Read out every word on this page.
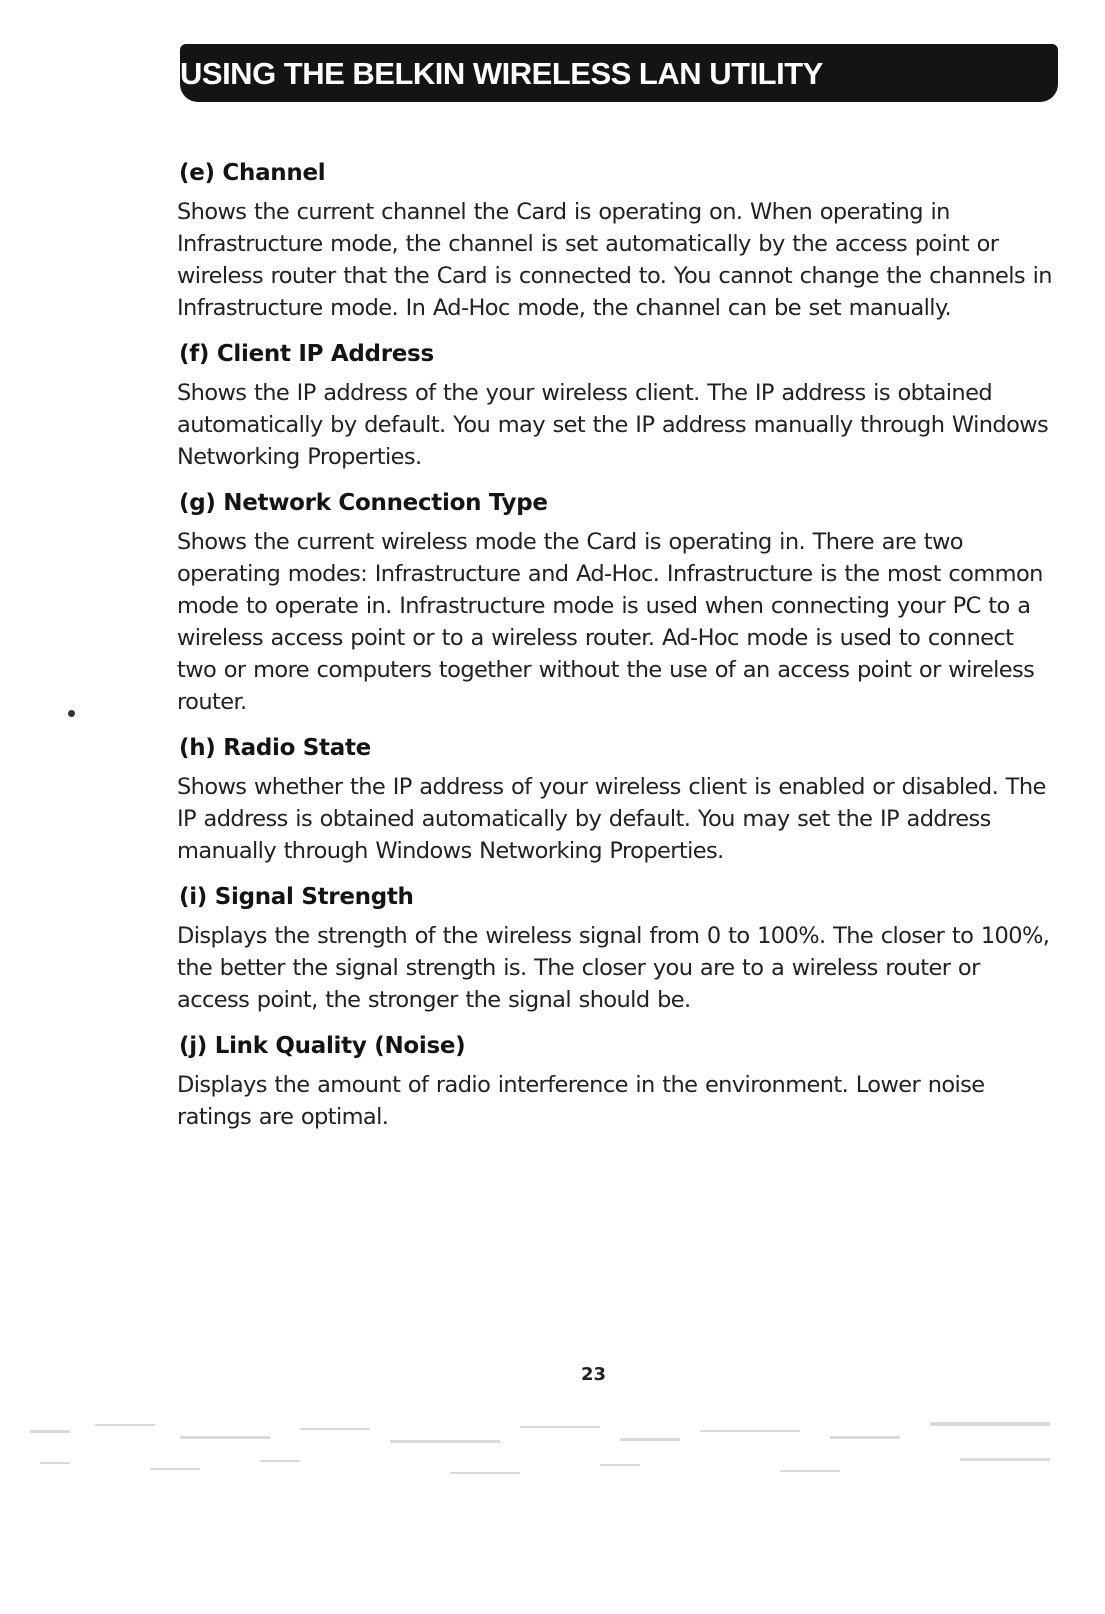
USING THE BELKIN WIRELESS LAN UTILITY
(e) Channel
Shows the current channel the Card is operating on. When operating in Infrastructure mode, the channel is set automatically by the access point or wireless router that the Card is connected to. You cannot change the channels in Infrastructure mode. In Ad-Hoc mode, the channel can be set manually.
(f) Client IP Address
Shows the IP address of the your wireless client. The IP address is obtained automatically by default. You may set the IP address manually through Windows Networking Properties.
(g) Network Connection Type
Shows the current wireless mode the Card is operating in. There are two operating modes: Infrastructure and Ad-Hoc. Infrastructure is the most common mode to operate in. Infrastructure mode is used when connecting your PC to a wireless access point or to a wireless router. Ad-Hoc mode is used to connect two or more computers together without the use of an access point or wireless router.
(h) Radio State
Shows whether the IP address of your wireless client is enabled or disabled. The IP address is obtained automatically by default. You may set the IP address manually through Windows Networking Properties.
(i) Signal Strength
Displays the strength of the wireless signal from 0 to 100%. The closer to 100%, the better the signal strength is. The closer you are to a wireless router or access point, the stronger the signal should be.
(j) Link Quality (Noise)
Displays the amount of radio interference in the environment. Lower noise ratings are optimal.
23
